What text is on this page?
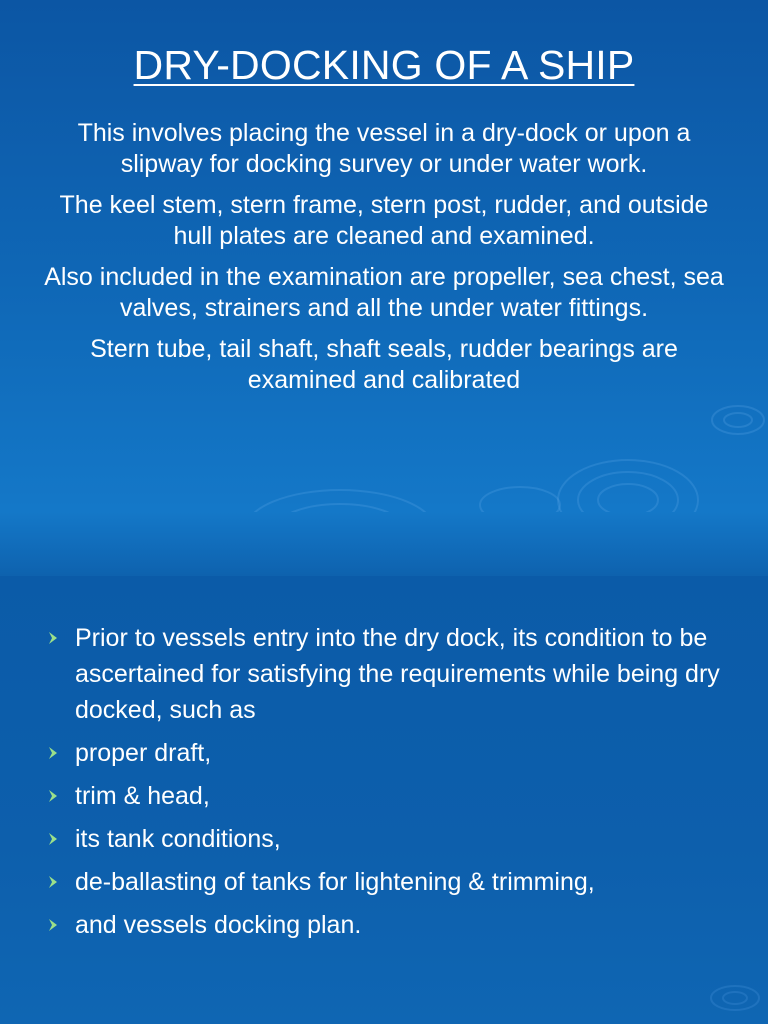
DRY-DOCKING OF A SHIP

This involves placing the vessel in a dry-dock or upon a slipway for docking survey or under water work.

The keel stem, stern frame, stern post, rudder, and outside hull plates are cleaned and examined.

Also included in the examination are propeller, sea chest, sea valves, strainers and all the under water fittings.

Stern tube, tail shaft, shaft seals, rudder bearings are examined and calibrated

Prior to vessels entry into the dry dock, its condition to be ascertained for satisfying the requirements while being dry docked, such as
proper draft,
trim & head,
its tank conditions,
de-ballasting of tanks for lightening & trimming,
and vessels docking plan.
